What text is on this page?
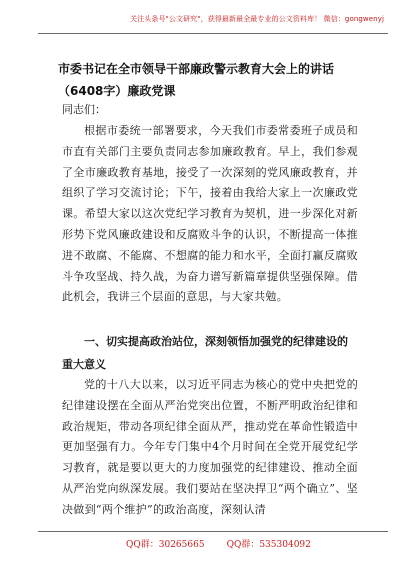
关注头条号"公文研究"，获得最新最全最专业的公文资料库！ 微信：gongwenyj
市委书记在全市领导干部廉政警示教育大会上的讲话（6408字）廉政党课
同志们：
根据市委统一部署要求，今天我们市委常委班子成员和市直有关部门主要负责同志参加廉政教育。早上，我们参观了全市廉政教育基地，接受了一次深刻的党风廉政教育，并组织了学习交流讨论；下午，接着由我给大家上一次廉政党课。希望大家以这次党纪学习教育为契机，进一步深化对新形势下党风廉政建设和反腐败斗争的认识，不断提高一体推进不敢腐、不能腐、不想腐的能力和水平，全面打赢反腐败斗争攻坚战、持久战，为奋力谱写新篇章提供坚强保障。借此机会，我讲三个层面的意思，与大家共勉。
一、切实提高政治站位，深刻领悟加强党的纪律建设的重大意义
党的十八大以来，以习近平同志为核心的党中央把党的纪律建设摆在全面从严治党突出位置，不断严明政治纪律和政治规矩，带动各项纪律全面从严，推动党在革命性锻造中更加坚强有力。今年专门集中4个月时间在全党开展党纪学习教育，就是要以更大的力度加强党的纪律建设、推动全面从严治党向纵深发展。我们要站在坚决捍卫“两个确立”、坚决做到“两个维护”的政治高度，深刻认清
QQ群：30265665 QQ群：535304092
